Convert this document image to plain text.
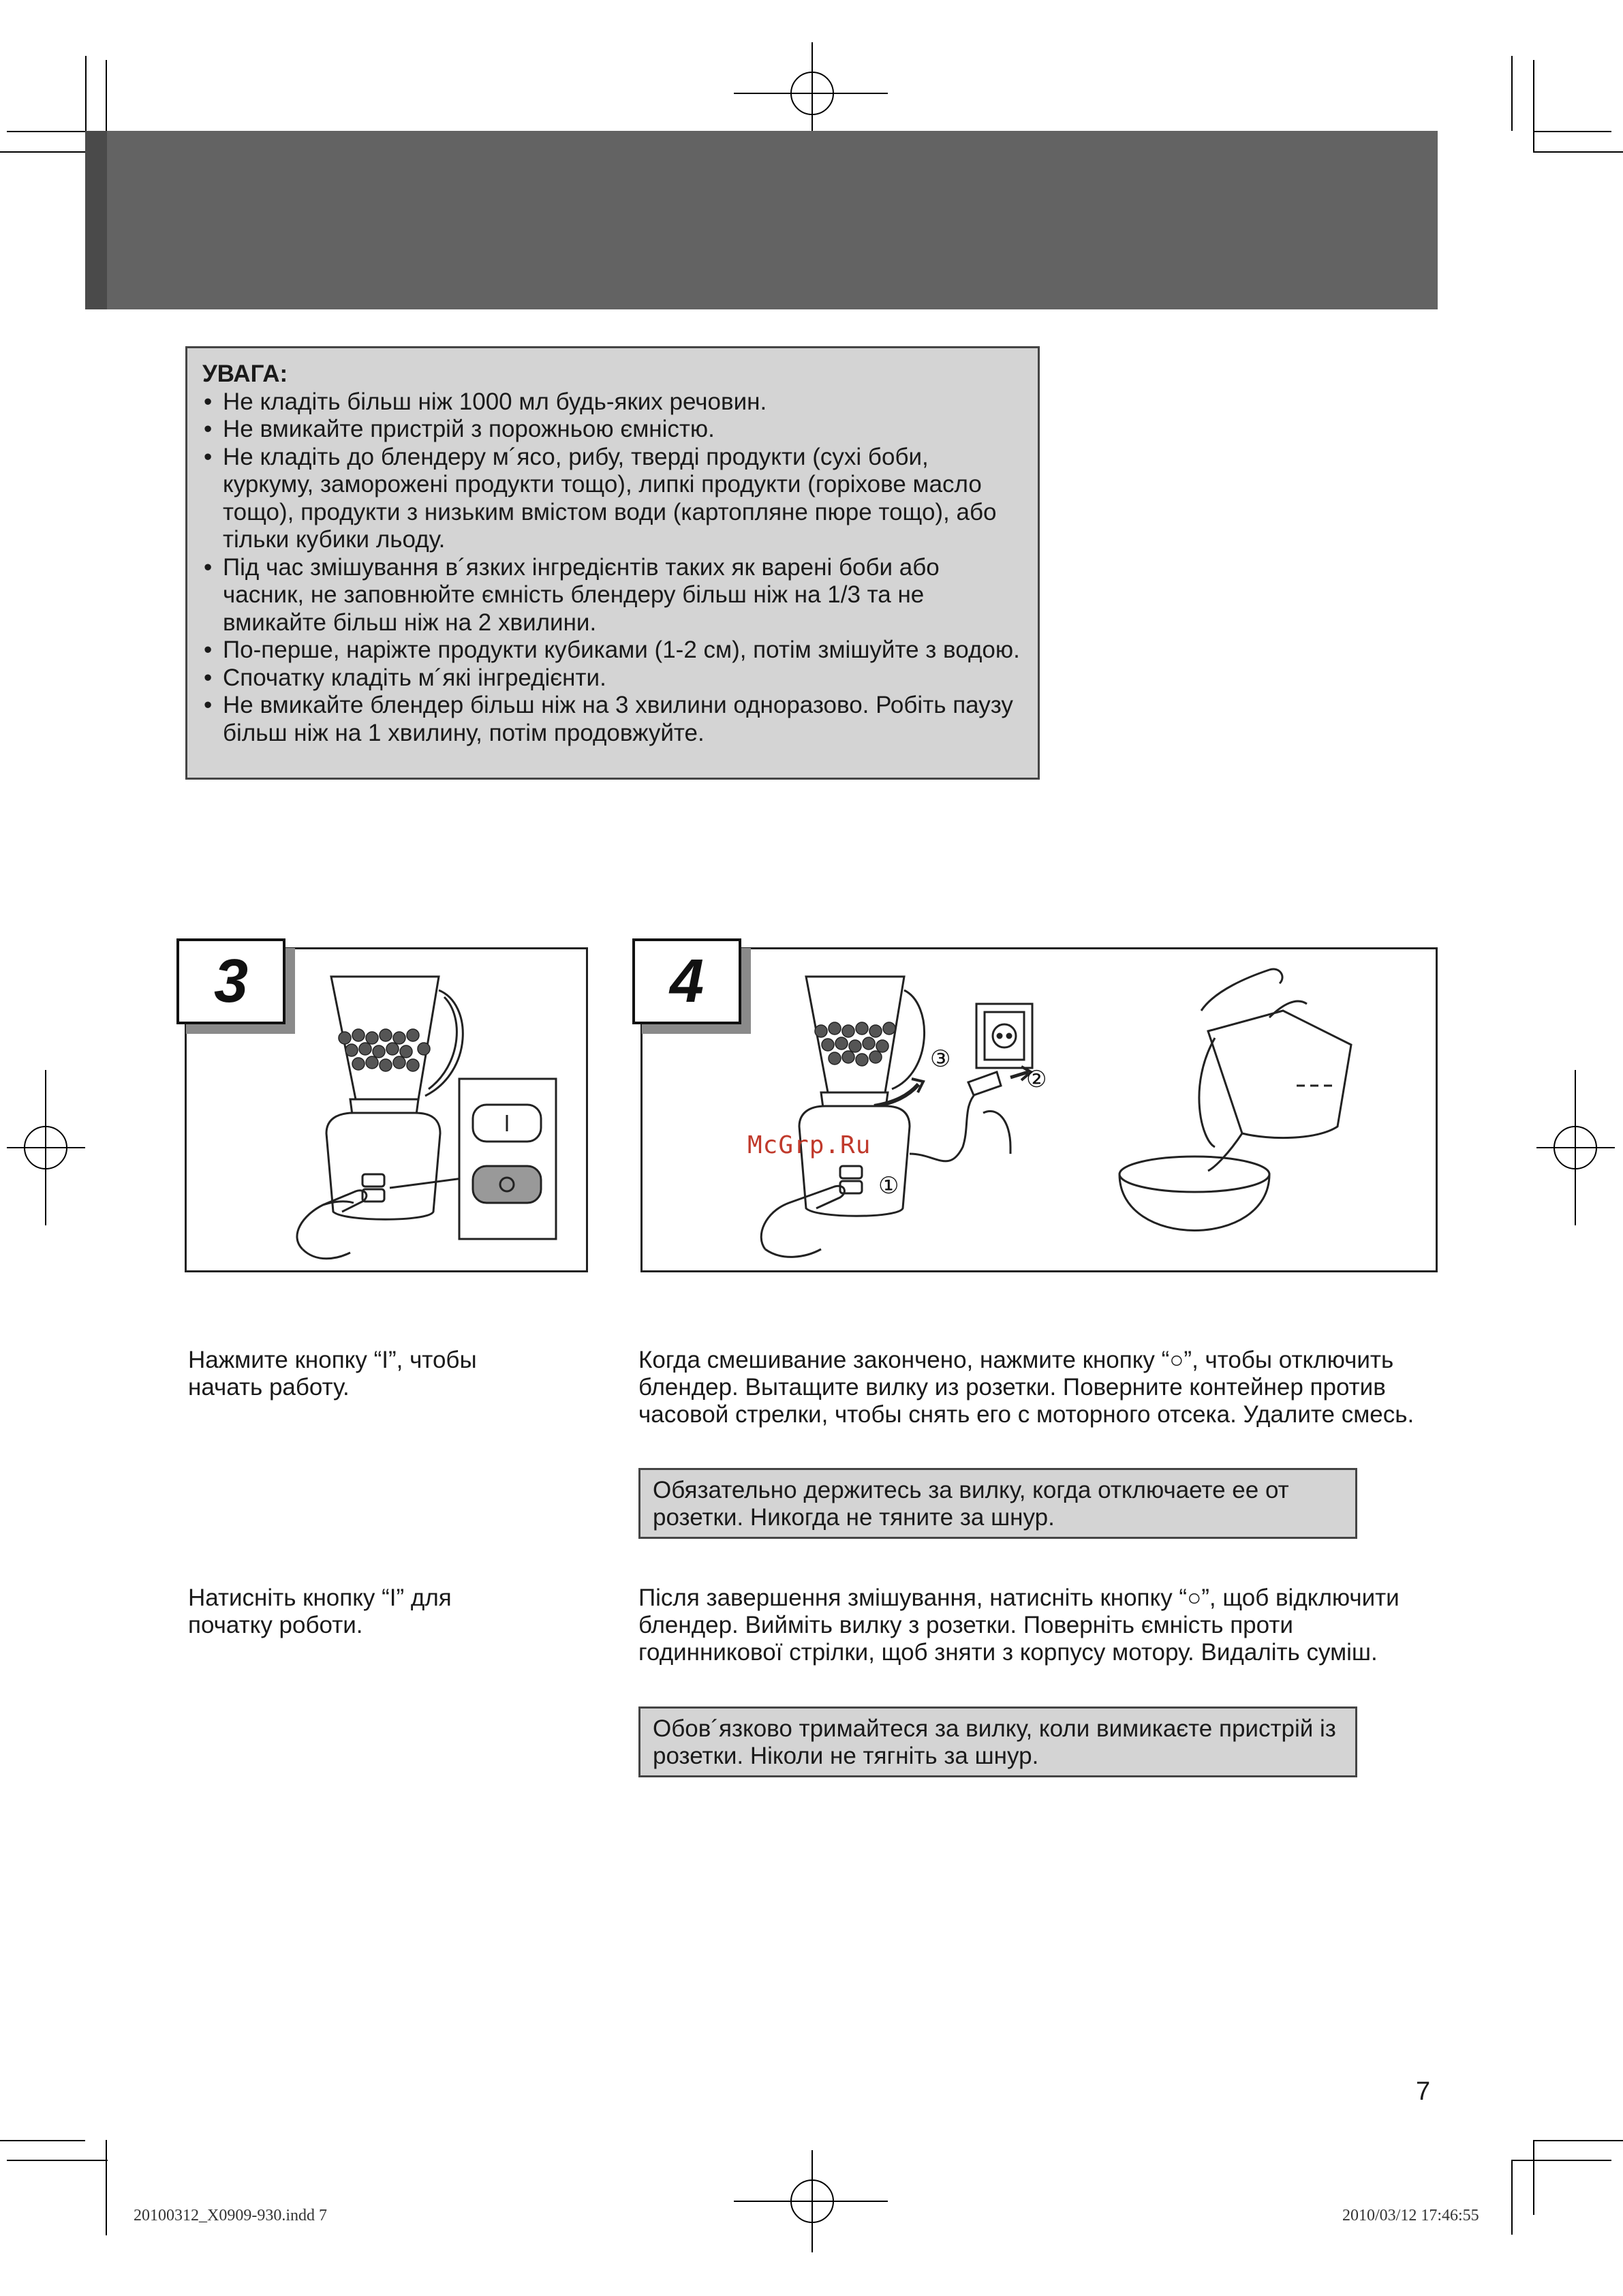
УВАГА:
• Не кладіть більш ніж 1000 мл будь-яких речовин.
• Не вмикайте пристрій з порожньою ємністю.
• Не кладіть до блендеру м´ясо, рибу, тверді продукти (сухі боби, куркуму, заморожені продукти тощо), липкі продукти (горіхове масло тощо), продукти з низьким вмістом води (картопляне пюре тощо), або тільки кубики льоду.
• Під час змішування в´язких інгредієнтів таких як варені боби або часник, не заповнюйте ємність блендеру більш ніж на 1/3 та не вмикайте більш ніж на 2 хвилини.
• По-перше, наріжте продукти кубиками (1-2 см), потім змішуйте з водою.
• Спочатку кладіть м´які інгредієнти.
• Не вмикайте блендер більш ніж на 3 хвилини одноразово. Робіть паузу більш ніж на 1 хвилину, потім продовжуйте.
3
①
②
③
4
McGrp.Ru
Нажмите кнопку “I”, чтобы начать работу.
Натисніть кнопку “I” для початку роботи.
Когда смешивание закончено, нажмите кнопку “○”, чтобы отключить блендер. Вытащите вилку из розетки. Поверните контейнер против часовой стрелки, чтобы снять его с моторного отсека. Удалите смесь.
Обязательно держитесь за вилку, когда отключаете ее от розетки. Никогда не тяните за шнур.
Після завершення змішування, натисніть кнопку “○”, щоб відключити блендер. Вийміть вилку з розетки. Поверніть ємність проти годинникової стрілки, щоб зняти з корпусу мотору. Видаліть суміш.
Обов´язково тримайтеся за вилку, коли вимикаєте пристрій із розетки. Ніколи не тягніть за шнур.
7
20100312_X0909-930.indd 7	2010/03/12 17:46:55
